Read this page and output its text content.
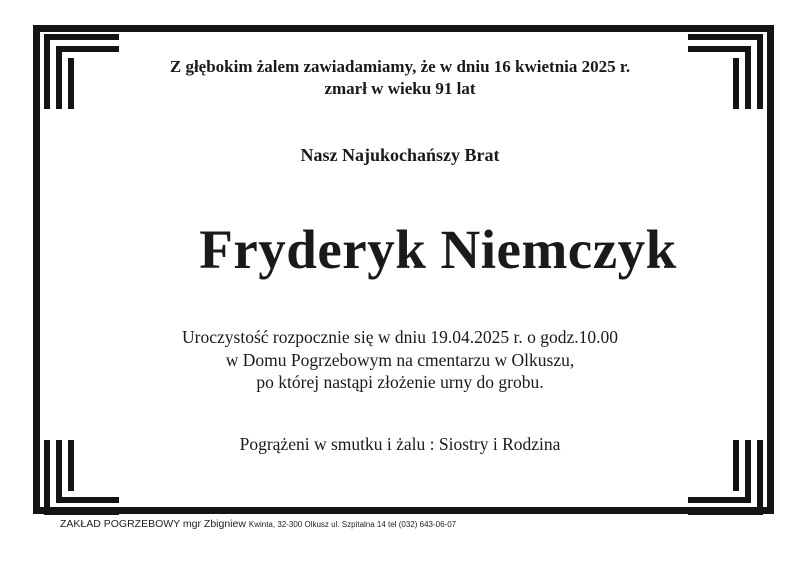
Z głębokim żalem zawiadamiamy, że w dniu 16 kwietnia 2025 r.
zmarł w wieku 91 lat
Nasz Najukochańszy Brat
Fryderyk Niemczyk
Uroczystość rozpocznie się w dniu 19.04.2025 r. o godz.10.00
w Domu Pogrzebowym na cmentarzu w Olkuszu,
po której nastąpi złożenie urny do grobu.
Pogrążeni w smutku i żalu : Siostry i Rodzina
ZAKŁAD POGRZEBOWY mgr Zbigniew Kwinta, 32-300 Olkusz ul. Szpitalna 14 tel (032) 643-06-07
